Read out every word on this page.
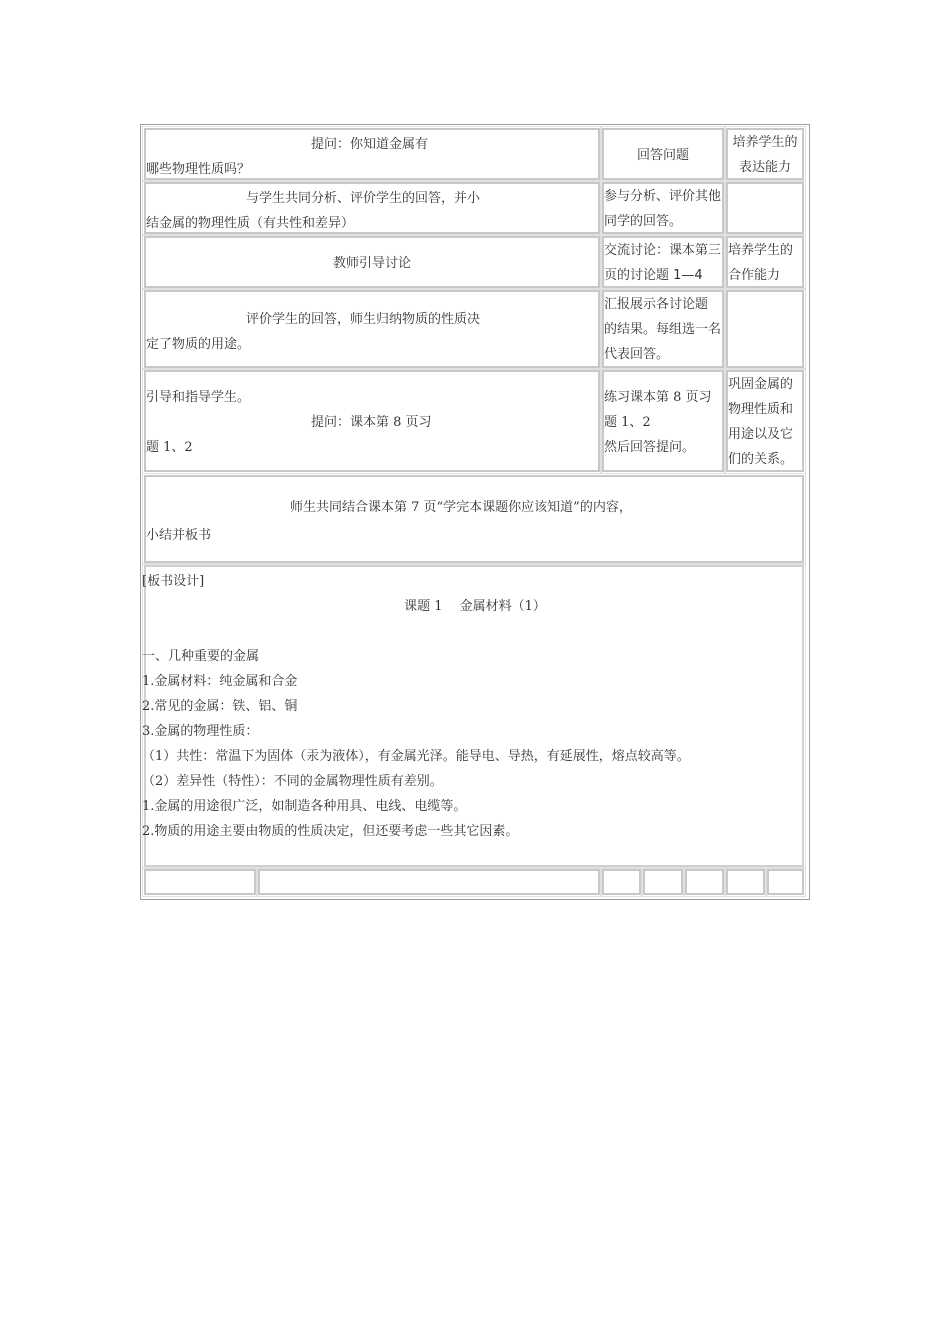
提问：你知道金属有
哪些物理性质吗？
回答问题
培养学生的
表达能力
与学生共同分析、评价学生的回答，并小
结金属的物理性质（有共性和差异）
参与分析、评价其他
同学的回答。
教师引导讨论
交流讨论：课本第三
页的讨论题 1—4
培养学生的
合作能力
评价学生的回答，师生归纳物质的性质决
定了物质的用途。
汇报展示各讨论题
的结果。每组选一名
代表回答。
引导和指导学生。
提问：课本第 8 页习
题 1、2
练习课本第 8 页习
题 1、2
然后回答提问。
巩固金属的
物理性质和
用途以及它
们的关系。
师生共同结合课本第 7 页“学完本课题你应该知道”的内容，
小结并板书
[板书设计]
课题 1　 金属材料（1）
一、几种重要的金属
1.金属材料：纯金属和合金
2.常见的金属：铁、铝、铜
3.金属的物理性质：
（1）共性：常温下为固体（汞为液体），有金属光泽。能导电、导热，有延展性，熔点较高等。
（2）差异性（特性）：不同的金属物理性质有差别。
1.金属的用途很广泛，如制造各种用具、电线、电缆等。
2.物质的用途主要由物质的性质决定，但还要考虑一些其它因素。
